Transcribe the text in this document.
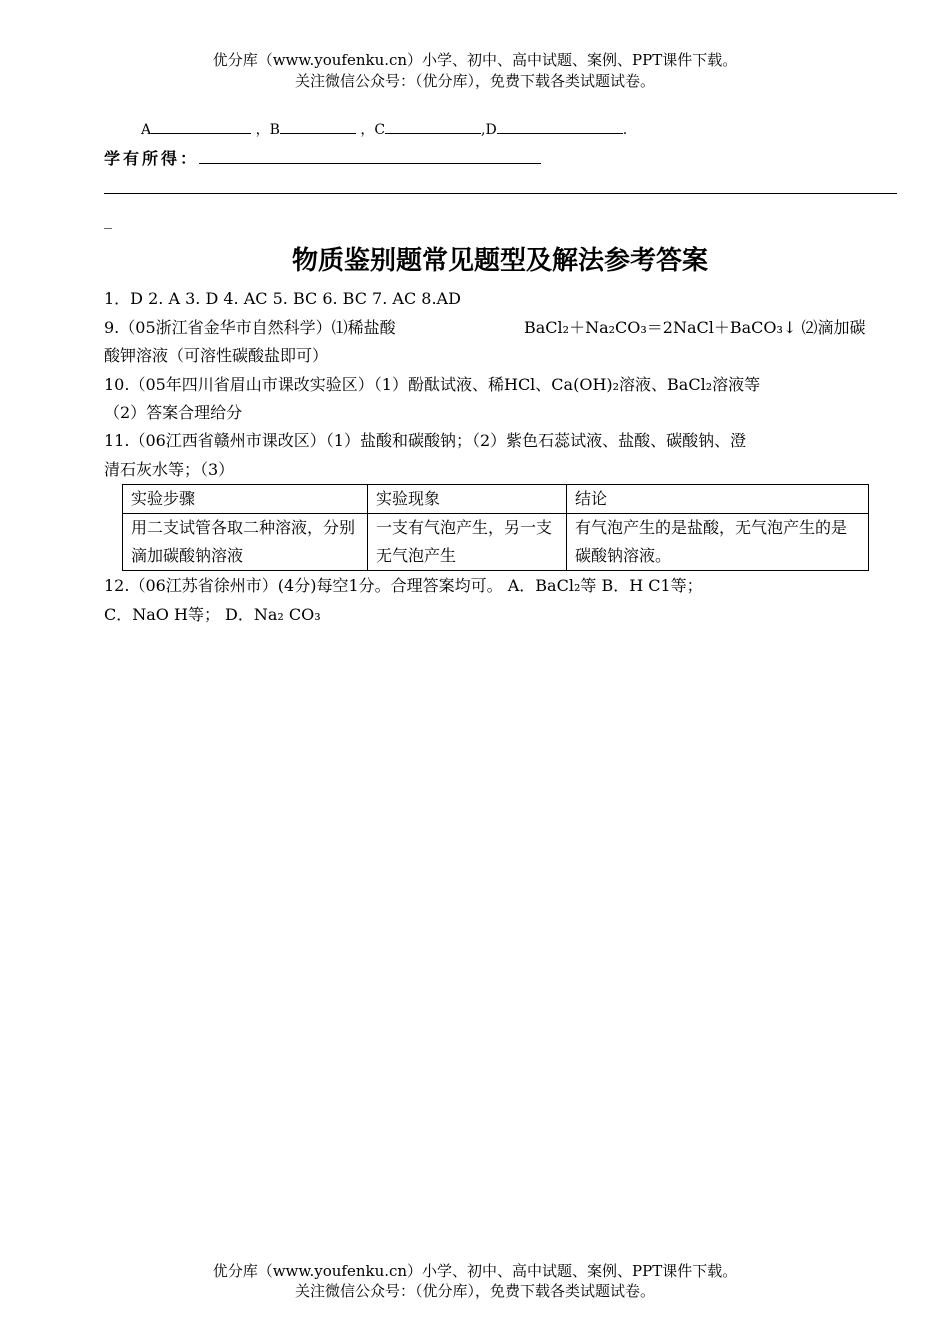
优分库（www.youfenku.cn）小学、初中、高中试题、案例、PPT课件下载。
关注微信公众号：（优分库），免费下载各类试题试卷。
A	，B	，C	,D	.
学有所得：
_
物质鉴别题常见题型及解法参考答案
1．D 2. A 3. D 4. AC 5. BC 6. BC 7. AC 8.AD
9.（05浙江省金华市自然科学）⑴稀盐酸	BaCl₂＋Na₂CO₃＝2NaCl＋BaCO₃↓ ⑵滴加碳
酸钾溶液（可溶性碳酸盐即可）
10.（05年四川省眉山市课改实验区）（1）酚酞试液、稀HCl、Ca(OH)₂溶液、BaCl₂溶液等
（2）答案合理给分
11.（06江西省赣州市课改区）（1）盐酸和碳酸钠；（2）紫色石蕊试液、盐酸、碳酸钠、澄
清石灰水等；（3）
实验步骤	实验现象	结论
用二支试管各取二种溶液，分别滴加碳酸钠溶液	一支有气泡产生，另一支无气泡产生	有气泡产生的是盐酸，无气泡产生的是碳酸钠溶液。
12.（06江苏省徐州市）(4分)每空1分。合理答案均可。 A．BaCl₂等 B．H C1等；
C．NaO H等； D．Na₂ CO₃
优分库（www.youfenku.cn）小学、初中、高中试题、案例、PPT课件下载。
关注微信公众号：（优分库），免费下载各类试题试卷。
